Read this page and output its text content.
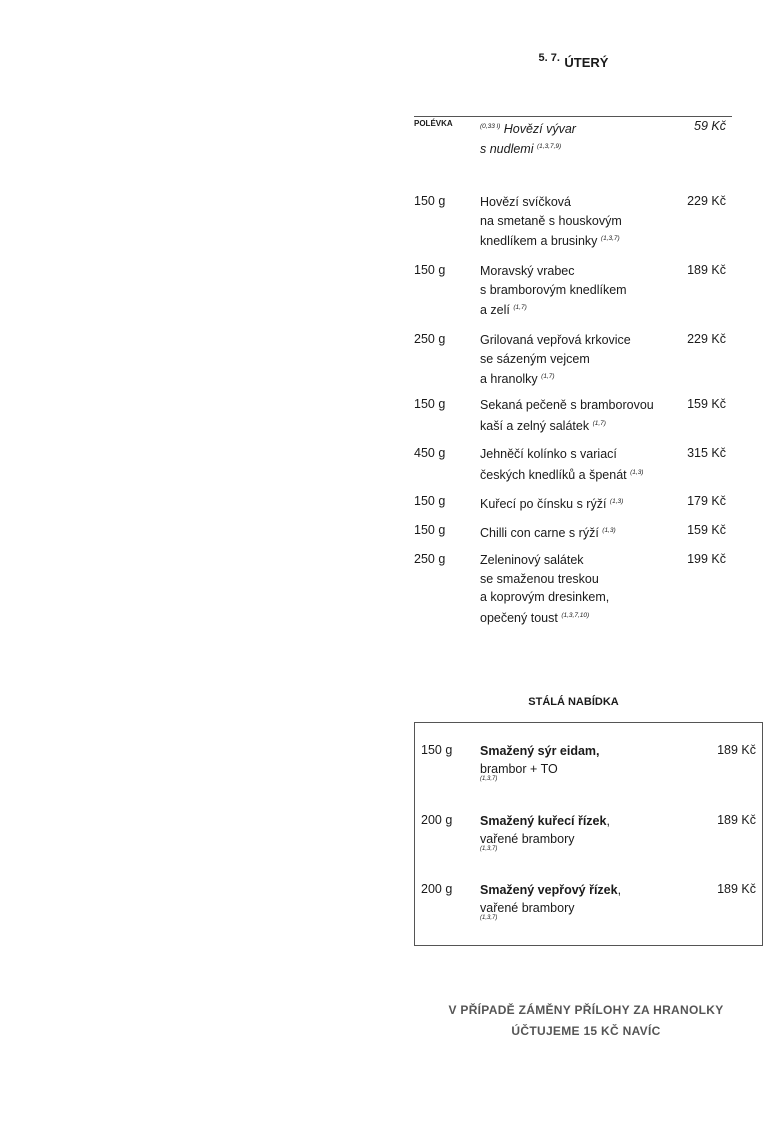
$^{5. 7.}$ ÚTERÝ
POLÉVKA	$^{(0,33 l)}$ Hovězí vývar
s nudlemi $^{(1,3,7,9)}$
59 Kč
150 g	Hovězí svíčková
na smetaně s houskovým
knedlíkem a brusinky $^{(1,3,7)}$
229 Kč
150 g	Moravský vrabec
s bramborovým knedlíkem
a zelí $^{(1,7)}$
189 Kč
250 g	Grilovaná vepřová krkovice
se sázeným vejcem
a hranolky $^{(1,7)}$
229 Kč
150 g	Sekaná pečeně s bramborovou
kaší a zelný salátek $^{(1,7)}$
159 Kč
450 g	Jehněčí kolínko s variací
českých knedlíků a špenát $^{(1,3)}$
315 Kč
150 g	Kuřecí po čínsku s rýží $^{(1,3)}$	179 Kč
150 g	Chilli con carne s rýží $^{(1,3)}$	159 Kč
250 g	Zeleninový salátek
se smaženou treskou
a koprovým dresinkem,
opečený toust $^{(1,3,7,10)}$
199 Kč
STÁLÁ NABÍDKA
150 g Smažený sýr eidam,
brambor + TO
(1,3,7)
189 Kč
200 g Smažený kuřecí řízek,
vařené brambory
(1,3,7)
189 Kč
200 g Smažený vepřový řízek,
vařené brambory
(1,3,7)
189 Kč
V PŘÍPADĚ ZÁMĚNY PŘÍLOHY ZA HRANOLKY
ÚČTUJEME 15 KČ NAVÍC
